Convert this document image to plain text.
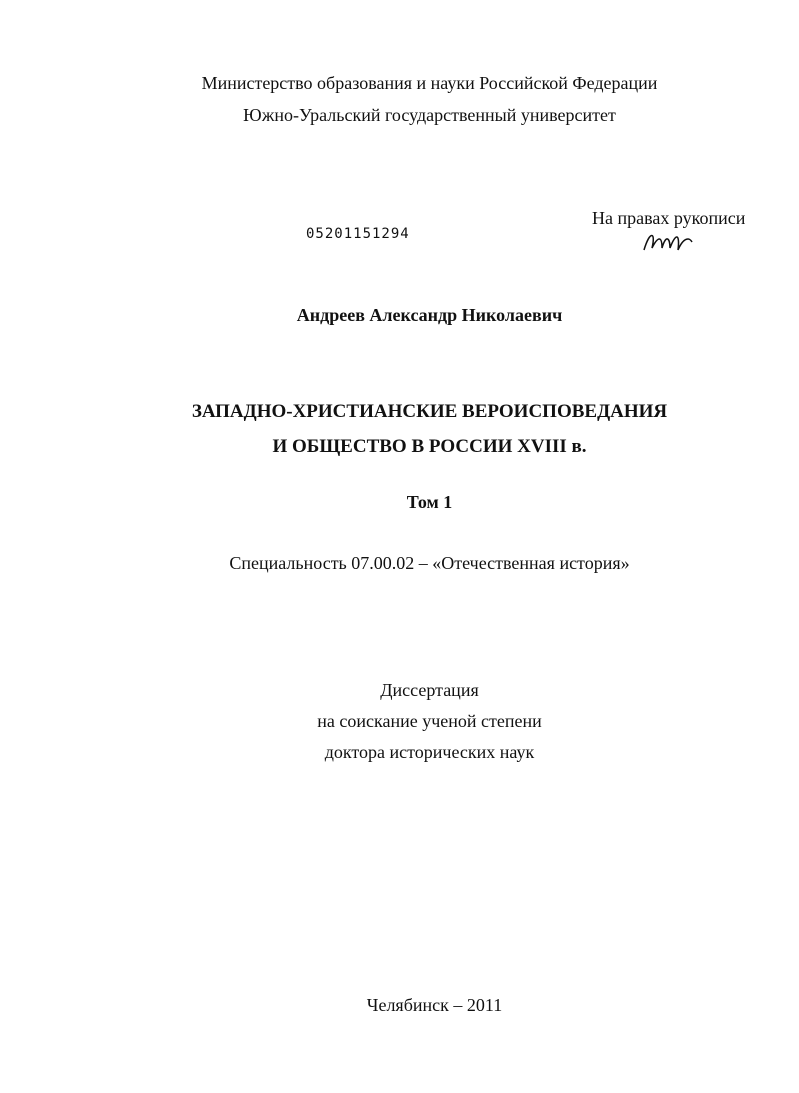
Министерство образования и науки Российской Федерации
Южно-Уральский государственный университет
05201151294
На правах рукописи
Андреев Александр Николаевич
ЗАПАДНО-ХРИСТИАНСКИЕ ВЕРОИСПОВЕДАНИЯ
И ОБЩЕСТВО В РОССИИ XVIII в.
Том 1
Специальность 07.00.02 – «Отечественная история»
Диссертация
на соискание ученой степени
доктора исторических наук
Челябинск – 2011
